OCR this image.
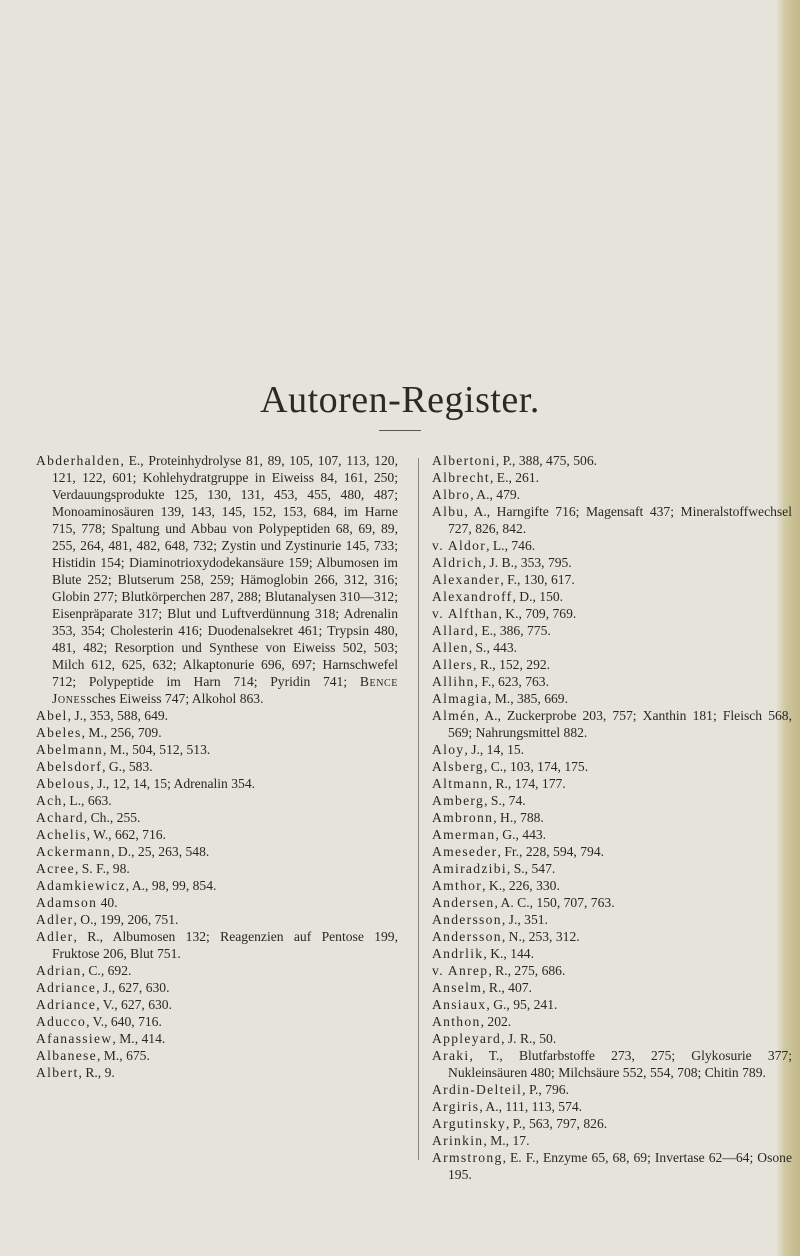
Autoren-Register.

Abderhalden, E., Proteinhydrolyse 81, 89, 105, 107, 113, 120, 121, 122, 601; Kohlehydratgruppe in Eiweiss 84, 161, 250; Verdauungsprodukte 125, 130, 131, 453, 455, 480, 487; Monoaminosäuren 139, 143, 145, 152, 153, 684, im Harne 715, 778; Spaltung und Abbau von Polypeptiden 68, 69, 89, 255, 264, 481, 482, 648, 732; Zystin und Zystinurie 145, 733; Histidin 154; Diaminotrioxydodekansäure 159; Albumosen im Blute 252; Blutserum 258, 259; Hämoglobin 266, 312, 316; Globin 277; Blutkörperchen 287, 288; Blutanalysen 310—312; Eisenpräparate 317; Blut und Luftverdünnung 318; Adrenalin 353, 354; Cholesterin 416; Duodenalsekret 461; Trypsin 480, 481, 482; Resorption und Synthese von Eiweiss 502, 503; Milch 612, 625, 632; Alkaptonurie 696, 697; Harnschwefel 712; Polypeptide im Harn 714; Pyridin 741; Bence Jonessches Eiweiss 747; Alkohol 863.

Abel, J., 353, 588, 649.

Abeles, M., 256, 709.

Abelmann, M., 504, 512, 513.

Abelsdorf, G., 583.

Abelous, J., 12, 14, 15; Adrenalin 354.

Ach, L., 663.

Achard, Ch., 255.

Achelis, W., 662, 716.

Ackermann, D., 25, 263, 548.

Acree, S. F., 98.

Adamkiewicz, A., 98, 99, 854.

Adamson 40.

Adler, O., 199, 206, 751.

Adler, R., Albumosen 132; Reagenzien auf Pentose 199, Fruktose 206, Blut 751.

Adrian, C., 692.

Adriance, J., 627, 630.

Adriance, V., 627, 630.

Aducco, V., 640, 716.

Afanassiew, M., 414.

Albanese, M., 675.

Albert, R., 9.

Albertoni, P., 388, 475, 506.

Albrecht, E., 261.

Albro, A., 479.

Albu, A., Harngifte 716; Magensaft 437; Mineralstoffwechsel 727, 826, 842.

v. Aldor, L., 746.

Aldrich, J. B., 353, 795.

Alexander, F., 130, 617.

Alexandroff, D., 150.

v. Alfthan, K., 709, 769.

Allard, E., 386, 775.

Allen, S., 443.

Allers, R., 152, 292.

Allihn, F., 623, 763.

Almagia, M., 385, 669.

Almén, A., Zuckerprobe 203, 757; Xanthin 181; Fleisch 568, 569; Nahrungsmittel 882.

Aloy, J., 14, 15.

Alsberg, C., 103, 174, 175.

Altmann, R., 174, 177.

Amberg, S., 74.

Ambronn, H., 788.

Amerman, G., 443.

Ameseder, Fr., 228, 594, 794.

Amiradzibi, S., 547.

Amthor, K., 226, 330.

Andersen, A. C., 150, 707, 763.

Andersson, J., 351.

Andersson, N., 253, 312.

Andrlik, K., 144.

v. Anrep, R., 275, 686.

Anselm, R., 407.

Ansiaux, G., 95, 241.

Anthon, 202.

Appleyard, J. R., 50.

Araki, T., Blutfarbstoffe 273, 275; Glykosurie 377; Nukleinsäuren 480; Milchsäure 552, 554, 708; Chitin 789.

Ardin-Delteil, P., 796.

Argiris, A., 111, 113, 574.

Argutinsky, P., 563, 797, 826.

Arinkin, M., 17.

Armstrong, E. F., Enzyme 65, 68, 69; Invertase 62—64; Osone 195.
